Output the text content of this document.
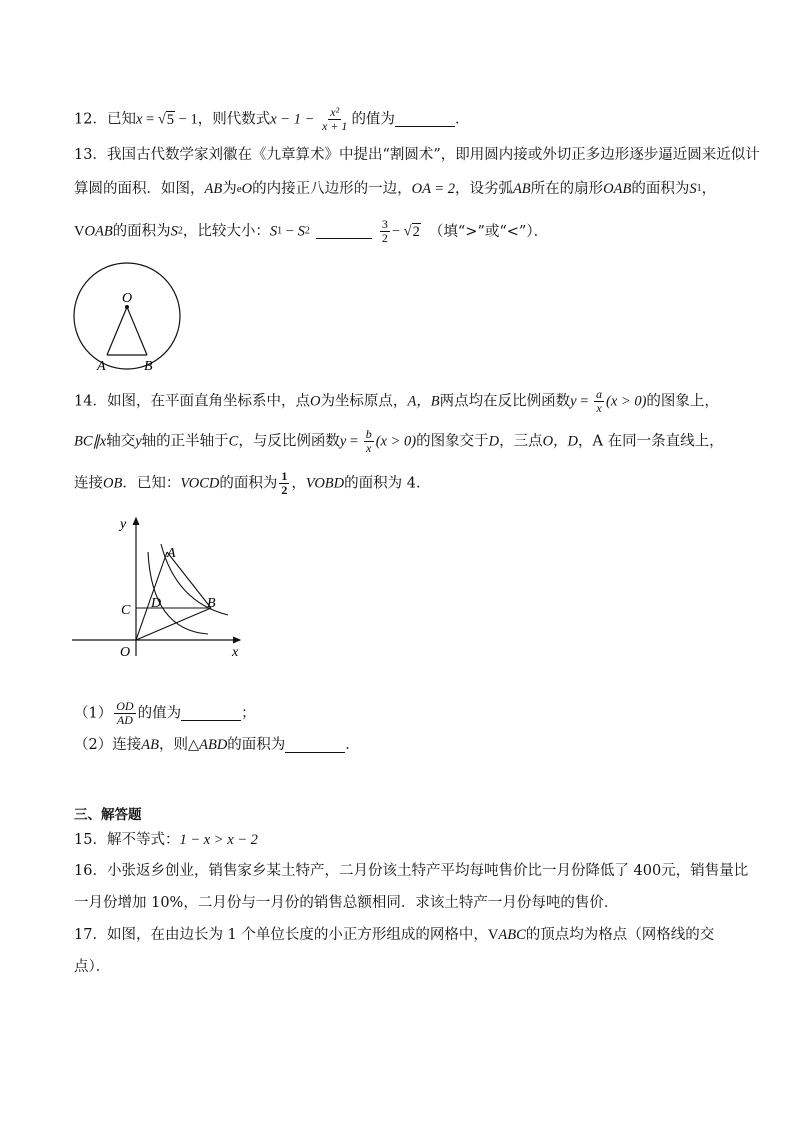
12．已知x = √5 − 1，则代数式$x - 1 - \frac{\text{x²}}{x + 1}$ 的值为	．
13．我国古代数学家刘徽在《九章算术》中提出“割圆术”，即用圆内接或外切正多边形逐步逼近圆来近似计
算圆的面积．如图，AB为eO的内接正八边形的一边，OA = 2，设劣弧AB所在的扇形OAB的面积为S1，
VOAB的面积为S2，比较大小：S1 − S2	$\frac{3}{2} - √2$ （填“>”或“<”）．
O
A	B
14．如图，在平面直角坐标系中，点O为坐标原点，A，B两点均在反比例函数$y = \frac{a}{x} (x > 0)$的图象上，
BC∥x轴交y轴的正半轴于C，与反比例函数$y = \frac{b}{x} (x > 0)$的图象交于D，三点O，D，A 在同一条直线上，
连接OB．已知：VOCD的面积为 $\frac{1}{2}$ ，VOBD的面积为 4．
y
x
A
B
C D
O
$(1) \frac{OD}{AD}$ 的值为	；
（2）连接AB，则△ABD的面积为	．
三、解答题
15．解不等式：1 − x > x − 2
16．小张返乡创业，销售家乡某土特产，二月份该土特产平均每吨售价比一月份降低了 400元，销售量比
一月份增加 10%，二月份与一月份的销售总额相同．求该土特产一月份每吨的售价．
17．如图，在由边长为 1 个单位长度的小正方形组成的网格中，VABC的顶点均为格点（网格线的交
点）．
